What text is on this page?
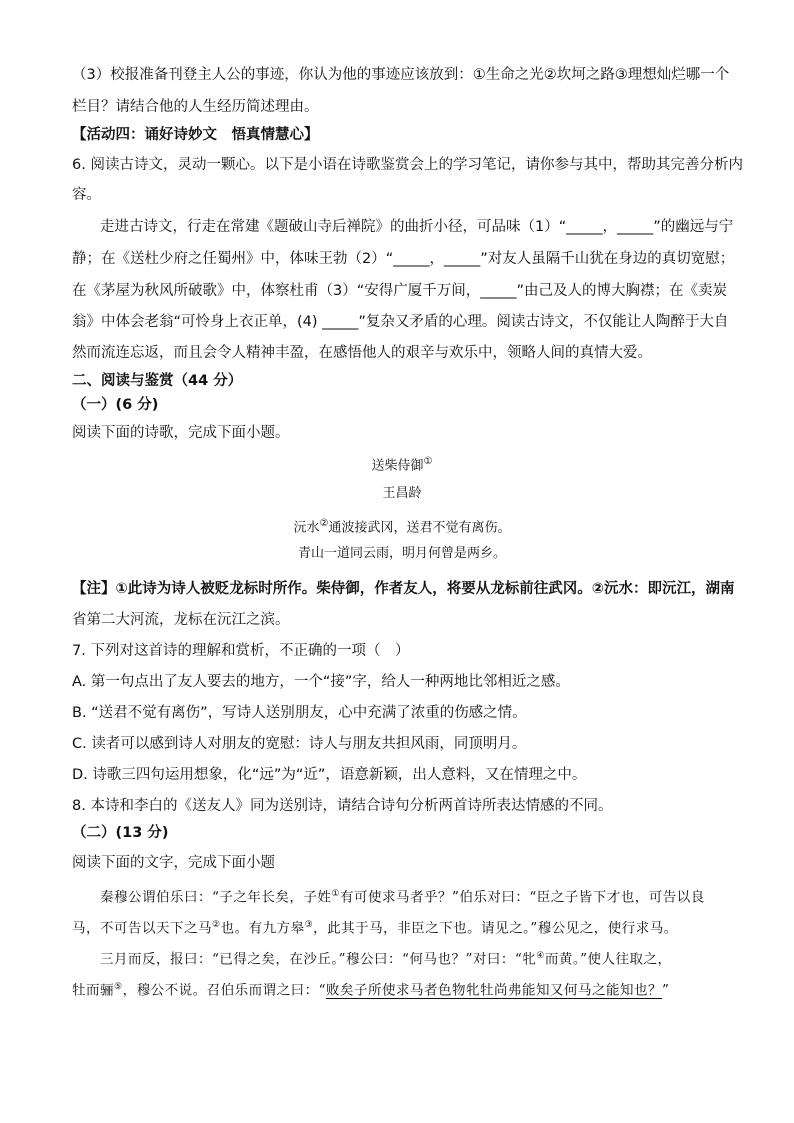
（3）校报准备刊登主人公的事迹，你认为他的事迹应该放到：①生命之光②坎坷之路③理想灿烂哪一个
栏目？请结合他的人生经历简述理由。
【活动四：诵好诗妙文　悟真情慧心】
6. 阅读古诗文，灵动一颗心。以下是小语在诗歌鉴赏会上的学习笔记，请你参与其中，帮助其完善分析内
容。
走进古诗文，行走在常建《题破山寺后禅院》的曲折小径，可品味（1）“_____，_____”的幽远与宁
静；在《送杜少府之任蜀州》中，体味王勃（2）“_____，_____”对友人虽隔千山犹在身边的真切宽慰；
在《茅屋为秋风所破歌》中，体察杜甫（3）“安得广厦千万间，_____”由己及人的博大胸襟；在《卖炭
翁》中体会老翁“可怜身上衣正单，(4) _____”复杂又矛盾的心理。阅读古诗文，不仅能让人陶醉于大自
然而流连忘返，而且会令人精神丰盈，在感悟他人的艰辛与欢乐中，领略人间的真情大爱。
二、阅读与鉴赏（44 分）
（一）(6 分)
阅读下面的诗歌，完成下面小题。
送柴侍御①
王昌龄
沅水②通波接武冈，送君不觉有离伤。
青山一道同云雨，明月何曾是两乡。
【注】①此诗为诗人被贬龙标时所作。柴侍御，作者友人，将要从龙标前往武冈。②沅水：即沅江，湖南
省第二大河流，龙标在沅江之滨。
7. 下列对这首诗的理解和赏析，不正确的一项（　）
A. 第一句点出了友人要去的地方，一个“接”字，给人一种两地比邻相近之感。
B. “送君不觉有离伤”，写诗人送别朋友，心中充满了浓重的伤感之情。
C. 读者可以感到诗人对朋友的宽慰：诗人与朋友共担风雨，同顶明月。
D. 诗歌三四句运用想象，化“远”为“近”，语意新颖，出人意料，又在情理之中。
8. 本诗和李白的《送友人》同为送别诗，请结合诗句分析两首诗所表达情感的不同。
（二）(13 分)
阅读下面的文字，完成下面小题
秦穆公谓伯乐曰：“子之年长矣，子姓①有可使求马者乎？”伯乐对曰：“臣之子皆下才也，可告以良
马，不可告以天下之马②也。有九方皋③，此其于马，非臣之下也。请见之。”穆公见之，使行求马。
三月而反，报曰：“已得之矣，在沙丘。”穆公曰：“何马也？”对曰：“牝④而黄。”使人往取之，
牡而骊⑤，穆公不说。召伯乐而谓之曰：“败矣子所使求马者色物牝牡尚弗能知又何马之能知也？”
